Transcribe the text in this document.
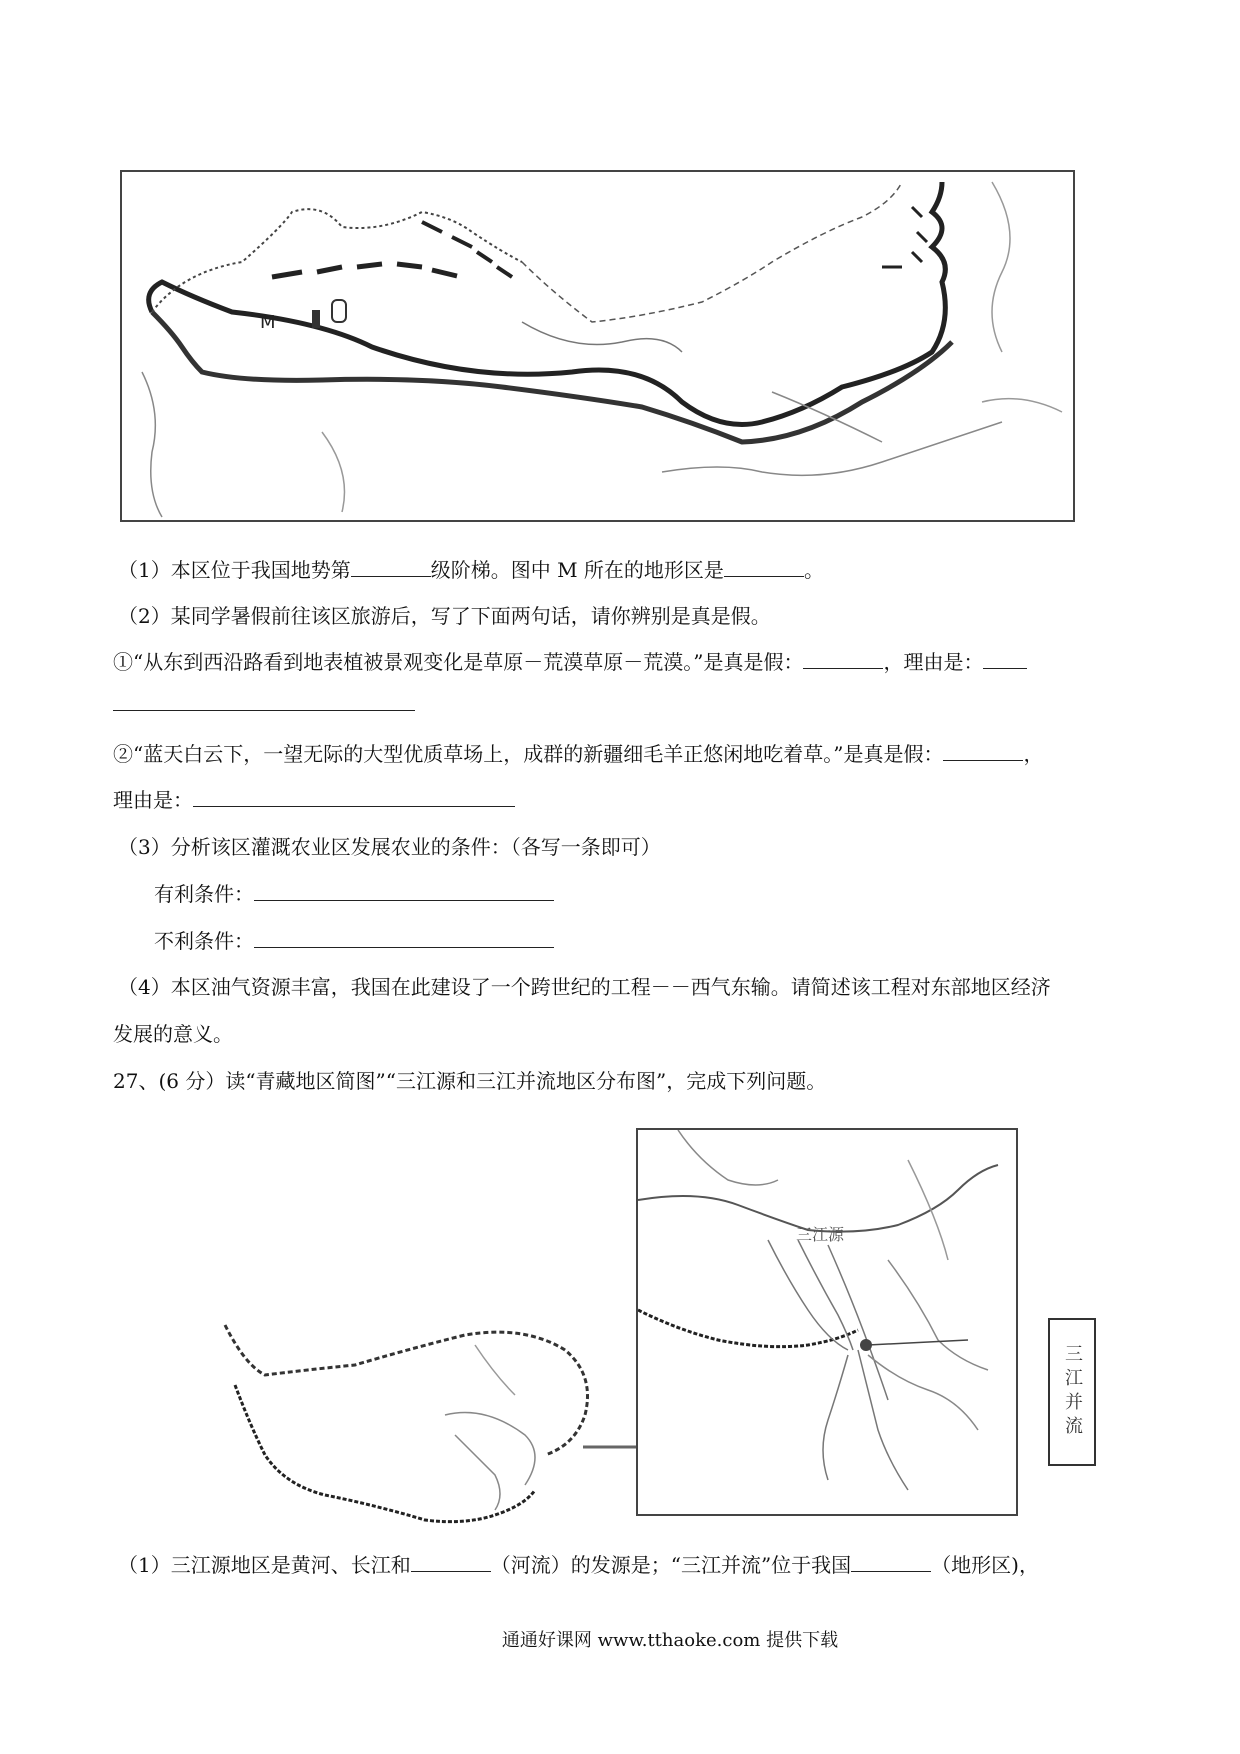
M
（1）本区位于我国地势第	级阶梯。图中 M 所在的地形区是	。
（2）某同学暑假前往该区旅游后，写了下面两句话，请你辨别是真是假。
①“从东到西沿路看到地表植被景观变化是草原－荒漠草原－荒漠。”是真是假：	，理由是：
②“蓝天白云下，一望无际的大型优质草场上，成群的新疆细毛羊正悠闲地吃着草。”是真是假：	，
理由是：
（3）分析该区灌溉农业区发展农业的条件：（各写一条即可）
有利条件：
不利条件：
（4）本区油气资源丰富，我国在此建设了一个跨世纪的工程－－西气东输。请简述该工程对东部地区经济
发展的意义。
27、(6 分）读“青藏地区简图”“三江源和三江并流地区分布图”，完成下列问题。
三江源
三江并流
（1）三江源地区是黄河、长江和	（河流）的发源是；“三江并流”位于我国	（地形区)，
通通好课网 www.tthaoke.com 提供下载
